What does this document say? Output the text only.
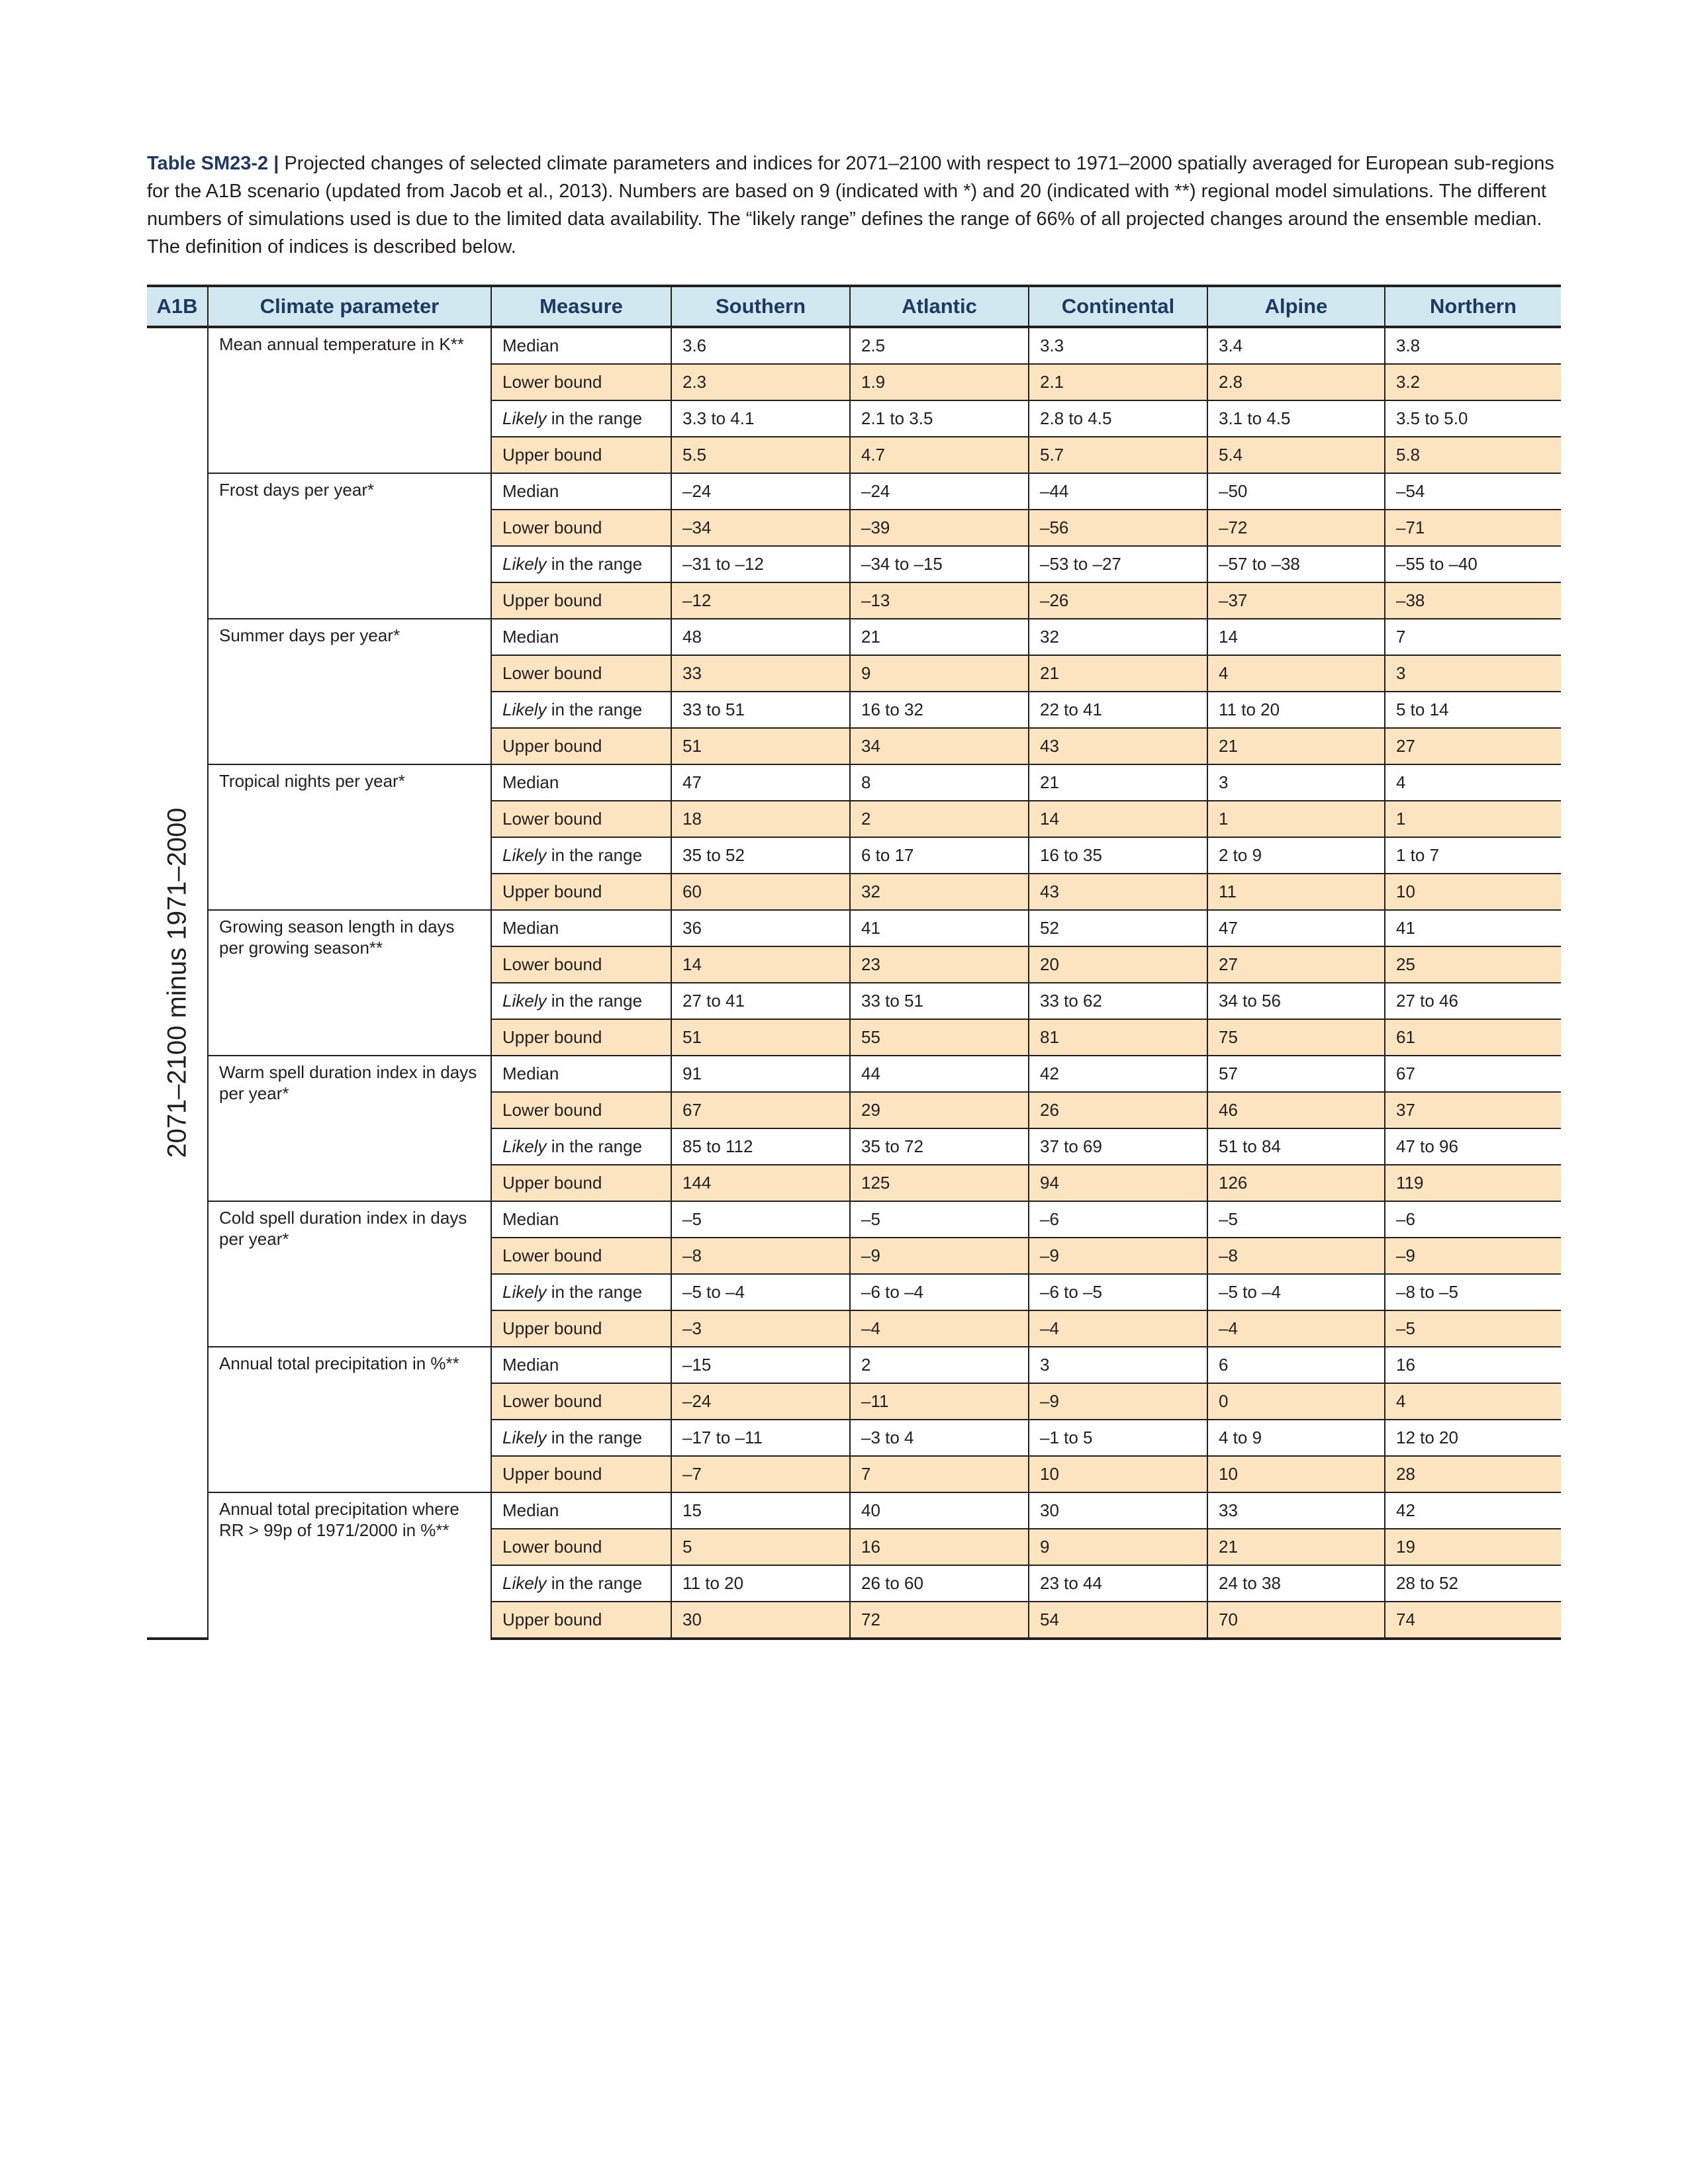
Table SM23-2 | Projected changes of selected climate parameters and indices for 2071–2100 with respect to 1971–2000 spatially averaged for European sub-regions for the A1B scenario (updated from Jacob et al., 2013). Numbers are based on 9 (indicated with *) and 20 (indicated with **) regional model simulations. The different numbers of simulations used is due to the limited data availability. The “likely range” defines the range of 66% of all projected changes around the ensemble median. The definition of indices is described below.
A1B	Climate parameter	Measure	Southern	Atlantic	Continental	Alpine	Northern

2071–2100 minus 1971–2000	Mean annual temperature in K**	Median	3.6	2.5	3.3	3.4	3.8
		Lower bound	2.3	1.9	2.1	2.8	3.2
		Likely in the range	3.3 to 4.1	2.1 to 3.5	2.8 to 4.5	3.1 to 4.5	3.5 to 5.0
		Upper bound	5.5	4.7	5.7	5.4	5.8
	Frost days per year*	Median	–24	–24	–44	–50	–54
		Lower bound	–34	–39	–56	–72	–71
		Likely in the range	–31 to –12	–34 to –15	–53 to –27	–57 to –38	–55 to –40
		Upper bound	–12	–13	–26	–37	–38
	Summer days per year*	Median	48	21	32	14	7
		Lower bound	33	9	21	4	3
		Likely in the range	33 to 51	16 to 32	22 to 41	11 to 20	5 to 14
		Upper bound	51	34	43	21	27
	Tropical nights per year*	Median	47	8	21	3	4
		Lower bound	18	2	14	1	1
		Likely in the range	35 to 52	6 to 17	16 to 35	2 to 9	1 to 7
		Upper bound	60	32	43	11	10
	Growing season length in days per growing season**	Median	36	41	52	47	41
		Lower bound	14	23	20	27	25
		Likely in the range	27 to 41	33 to 51	33 to 62	34 to 56	27 to 46
		Upper bound	51	55	81	75	61
	Warm spell duration index in days per year*	Median	91	44	42	57	67
		Lower bound	67	29	26	46	37
		Likely in the range	85 to 112	35 to 72	37 to 69	51 to 84	47 to 96
		Upper bound	144	125	94	126	119
	Cold spell duration index in days per year*	Median	–5	–5	–6	–5	–6
		Lower bound	–8	–9	–9	–8	–9
		Likely in the range	–5 to –4	–6 to –4	–6 to –5	–5 to –4	–8 to –5
		Upper bound	–3	–4	–4	–4	–5
	Annual total precipitation in %**	Median	–15	2	3	6	16
		Lower bound	–24	–11	–9	0	4
		Likely in the range	–17 to –11	–3 to 4	–1 to 5	4 to 9	12 to 20
		Upper bound	–7	7	10	10	28
	Annual total precipitation where RR > 99p of 1971/2000 in %**	Median	15	40	30	33	42
		Lower bound	5	16	9	21	19
		Likely in the range	11 to 20	26 to 60	23 to 44	24 to 38	28 to 52
		Upper bound	30	72	54	70	74
